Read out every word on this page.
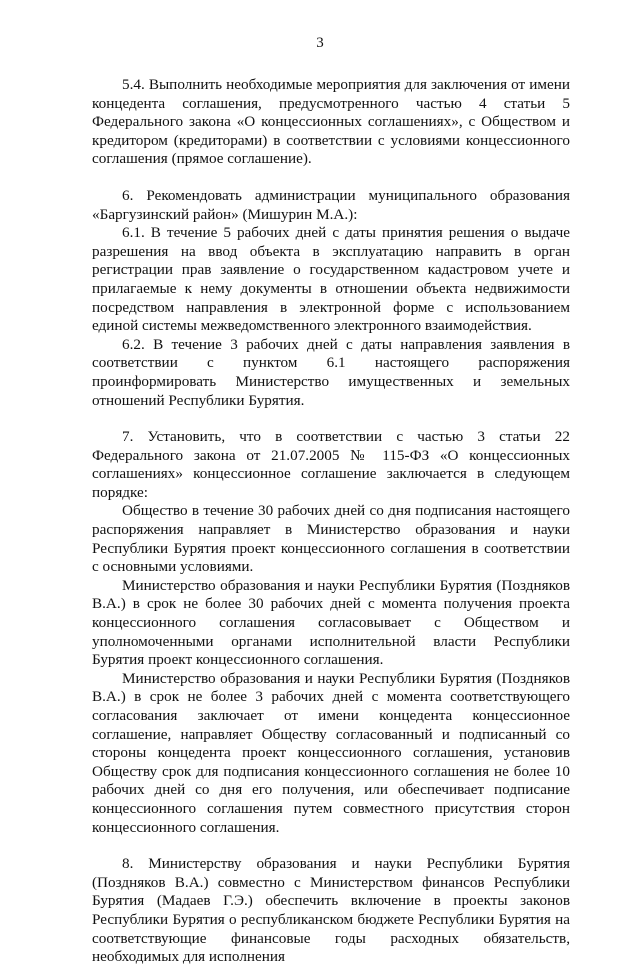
3

5.4. Выполнить необходимые мероприятия для заключения от имени концедента соглашения, предусмотренного частью 4 статьи 5 Федерального закона «О концессионных соглашениях», с Обществом и кредитором (кредиторами) в соответствии с условиями концессионного соглашения (прямое соглашение).

6. Рекомендовать администрации муниципального образования «Баргузинский район» (Мишурин М.А.):

6.1. В течение 5 рабочих дней с даты принятия решения о выдаче разрешения на ввод объекта в эксплуатацию направить в орган регистрации прав заявление о государственном кадастровом учете и прилагаемые к нему документы в отношении объекта недвижимости посредством направления в электронной форме с использованием единой системы межведомственного электронного взаимодействия.

6.2. В течение 3 рабочих дней с даты направления заявления в соответствии с пунктом 6.1 настоящего распоряжения проинформировать Министерство имущественных и земельных отношений Республики Бурятия.

7. Установить, что в соответствии с частью 3 статьи 22 Федерального закона от 21.07.2005 № 115-ФЗ «О концессионных соглашениях» концессионное соглашение заключается в следующем порядке:

Общество в течение 30 рабочих дней со дня подписания настоящего распоряжения направляет в Министерство образования и науки Республики Бурятия проект концессионного соглашения в соответствии с основными условиями.

Министерство образования и науки Республики Бурятия (Поздняков В.А.) в срок не более 30 рабочих дней с момента получения проекта концессионного соглашения согласовывает с Обществом и уполномоченными органами исполнительной власти Республики Бурятия проект концессионного соглашения.

Министерство образования и науки Республики Бурятия (Поздняков В.А.) в срок не более 3 рабочих дней с момента соответствующего согласования заключает от имени концедента концессионное соглашение, направляет Обществу согласованный и подписанный со стороны концедента проект концессионного соглашения, установив Обществу срок для подписания концессионного соглашения не более 10 рабочих дней со дня его получения, или обеспечивает подписание концессионного соглашения путем совместного присутствия сторон концессионного соглашения.

8. Министерству образования и науки Республики Бурятия (Поздняков В.А.) совместно с Министерством финансов Республики Бурятия (Мадаев Г.Э.) обеспечить включение в проекты законов Республики Бурятия о республиканском бюджете Республики Бурятия на соответствующие финансовые годы расходных обязательств, необходимых для исполнения
